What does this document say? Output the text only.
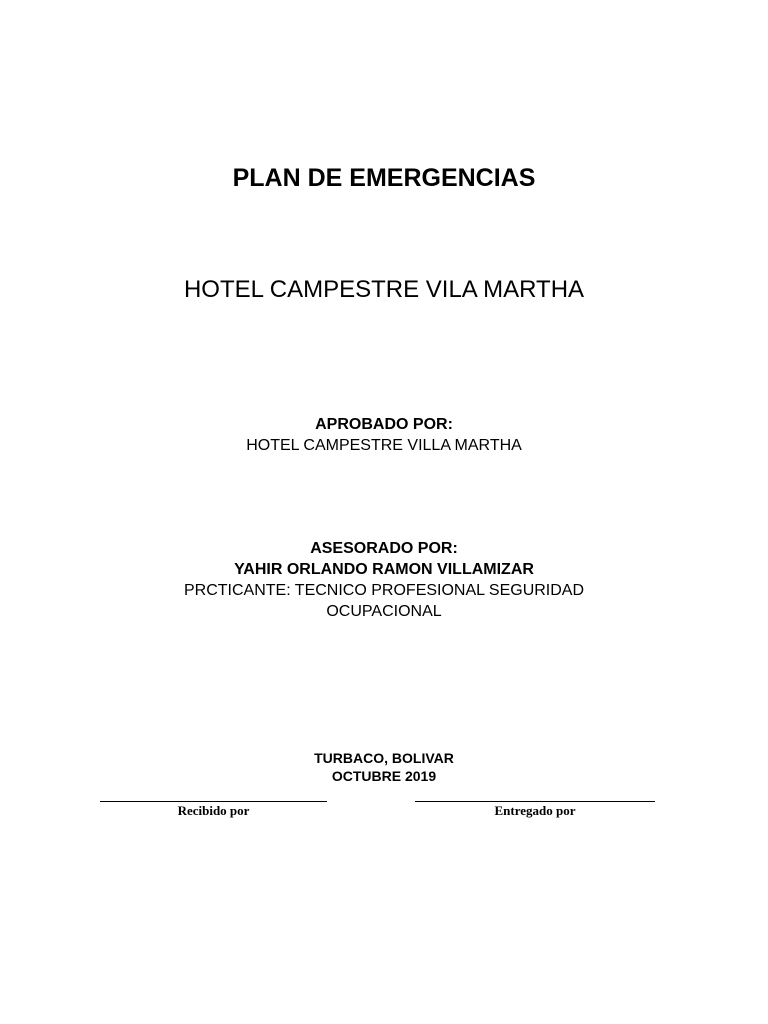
PLAN DE EMERGENCIAS
HOTEL CAMPESTRE VILA MARTHA
APROBADO POR:
HOTEL CAMPESTRE VILLA MARTHA
ASESORADO POR:
YAHIR ORLANDO RAMON VILLAMIZAR
PRCTICANTE: TECNICO PROFESIONAL SEGURIDAD
OCUPACIONAL
TURBACO, BOLIVAR
OCTUBRE 2019
Recibido por	Entregado por
